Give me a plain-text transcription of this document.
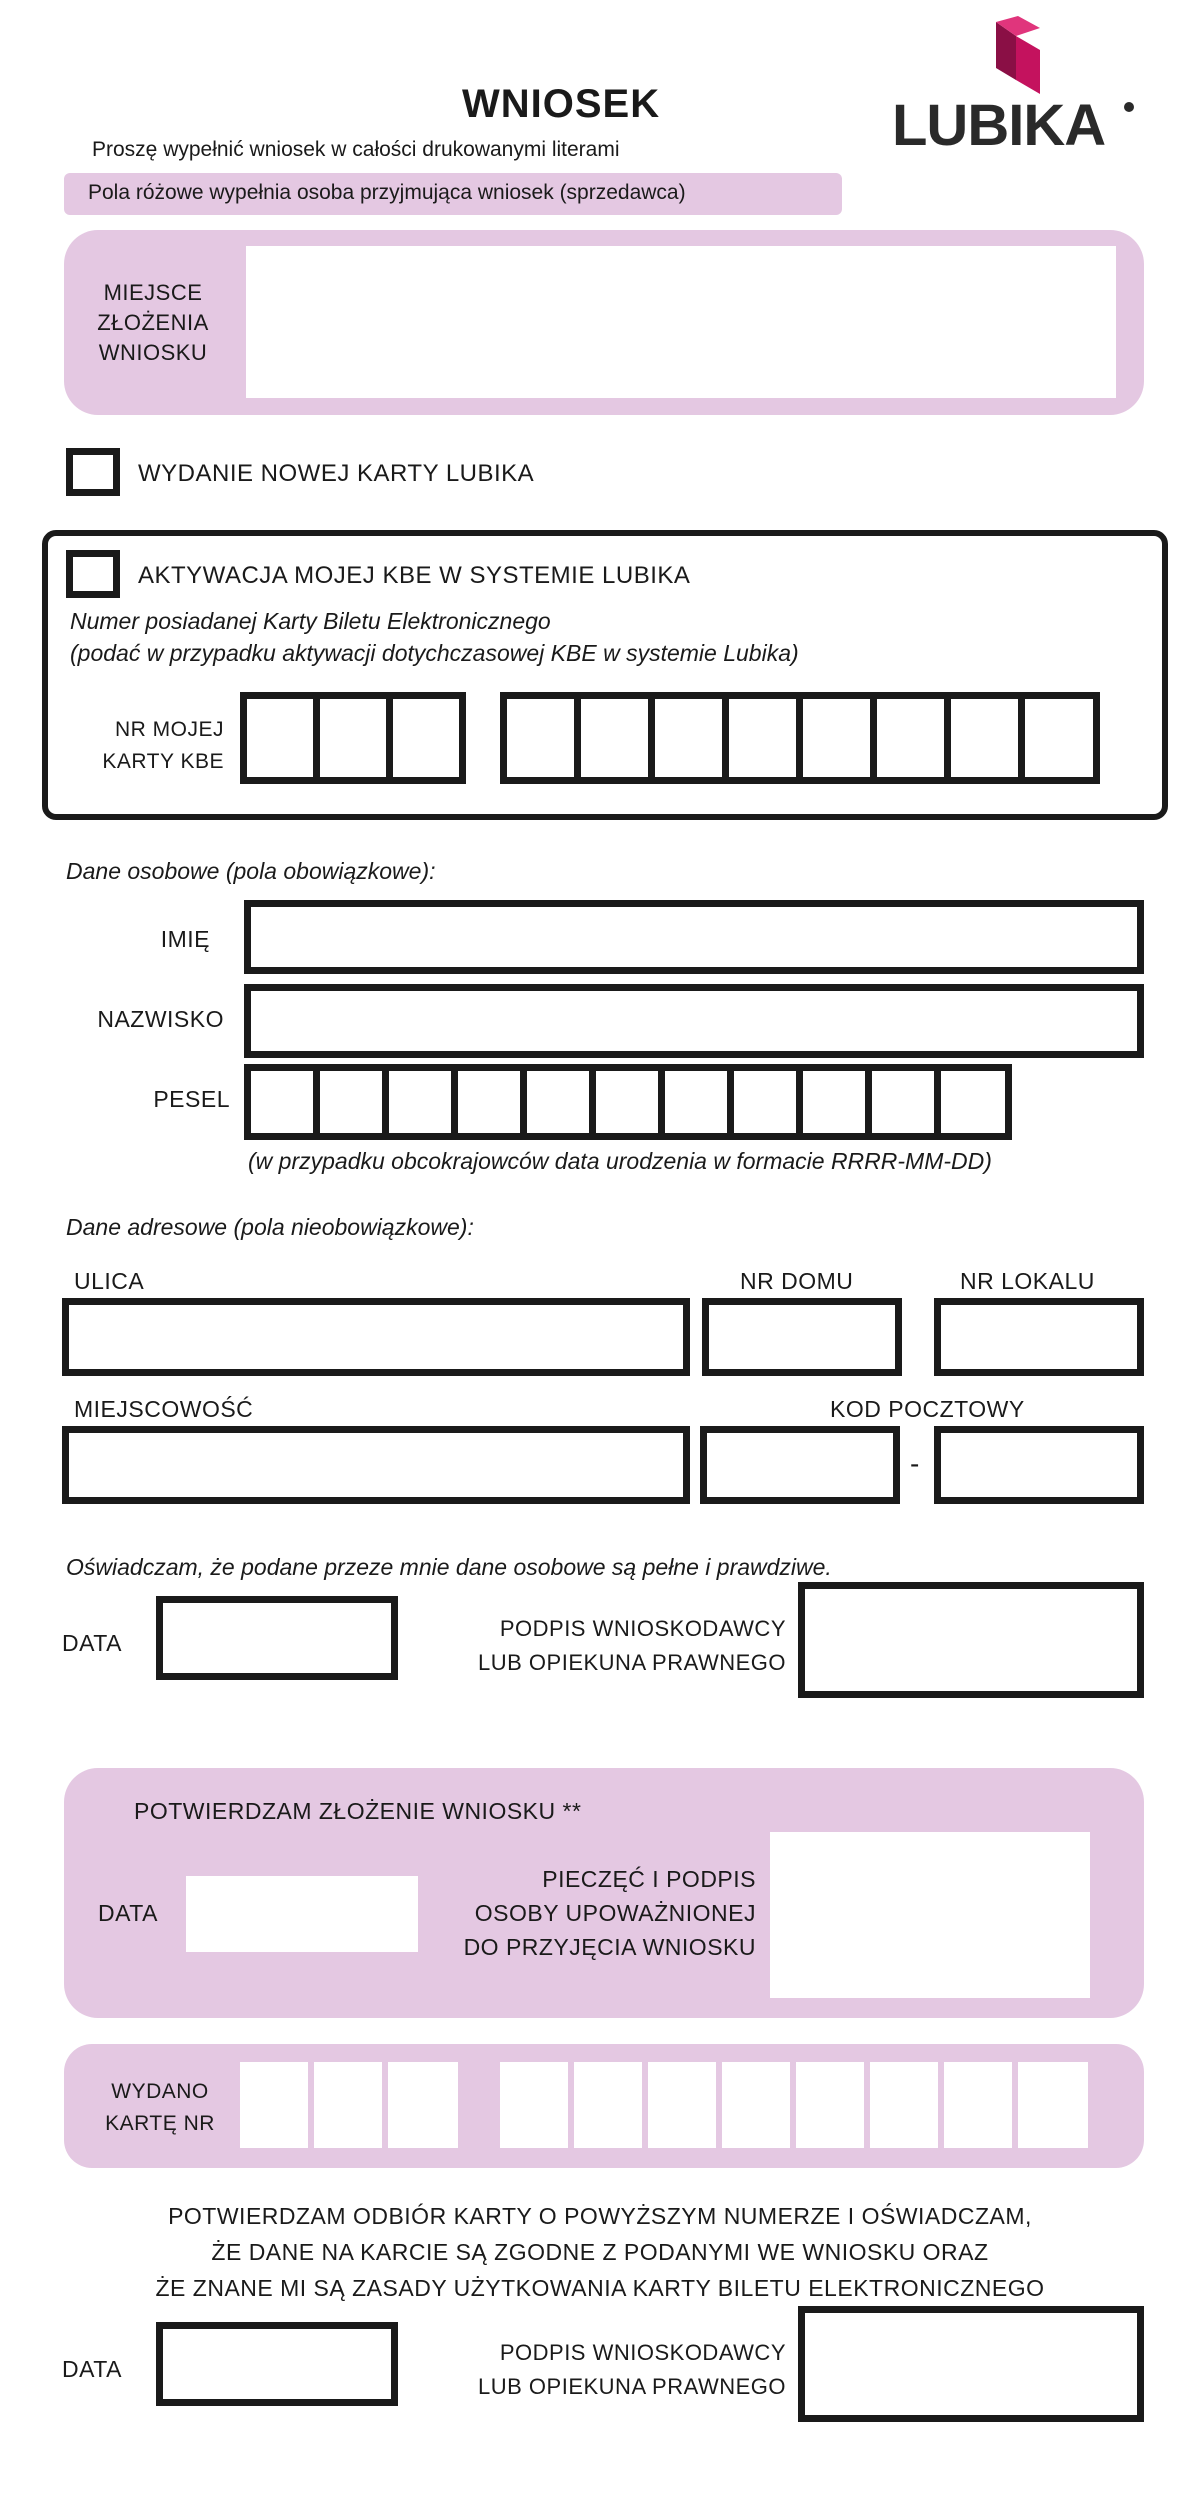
WNIOSEK
Proszę wypełnić wniosek w całości drukowanymi literami
Pola różowe wypełnia osoba przyjmująca wniosek (sprzedawca)
LUBIKA
MIEJSCE
ZŁOŻENIA
WNIOSKU
WYDANIE NOWEJ KARTY LUBIKA
AKTYWACJA MOJEJ KBE W SYSTEMIE LUBIKA
Numer posiadanej Karty Biletu Elektronicznego
(podać w przypadku aktywacji dotychczasowej KBE w systemie Lubika)
NR MOJEJ
KARTY KBE
Dane osobowe (pola obowiązkowe):
IMIĘ
NAZWISKO
PESEL
(w przypadku obcokrajowców data urodzenia w formacie RRRR-MM-DD)
Dane adresowe (pola nieobowiązkowe):
ULICA	NR DOMU	NR LOKALU
MIEJSCOWOŚĆ	KOD POCZTOWY
-
Oświadczam, że podane przeze mnie dane osobowe są pełne i prawdziwe.
DATA
PODPIS WNIOSKODAWCY
LUB OPIEKUNA PRAWNEGO
POTWIERDZAM ZŁOŻENIE WNIOSKU **
DATA
PIECZĘĆ I PODPIS
OSOBY UPOWAŻNIONEJ
DO PRZYJĘCIA WNIOSKU
WYDANO
KARTĘ NR
POTWIERDZAM ODBIÓR KARTY O POWYŻSZYM NUMERZE I OŚWIADCZAM,
ŻE DANE NA KARCIE SĄ ZGODNE Z PODANYMI WE WNIOSKU ORAZ
ŻE ZNANE MI SĄ ZASADY UŻYTKOWANIA KARTY BILETU ELEKTRONICZNEGO
DATA
PODPIS WNIOSKODAWCY
LUB OPIEKUNA PRAWNEGO
